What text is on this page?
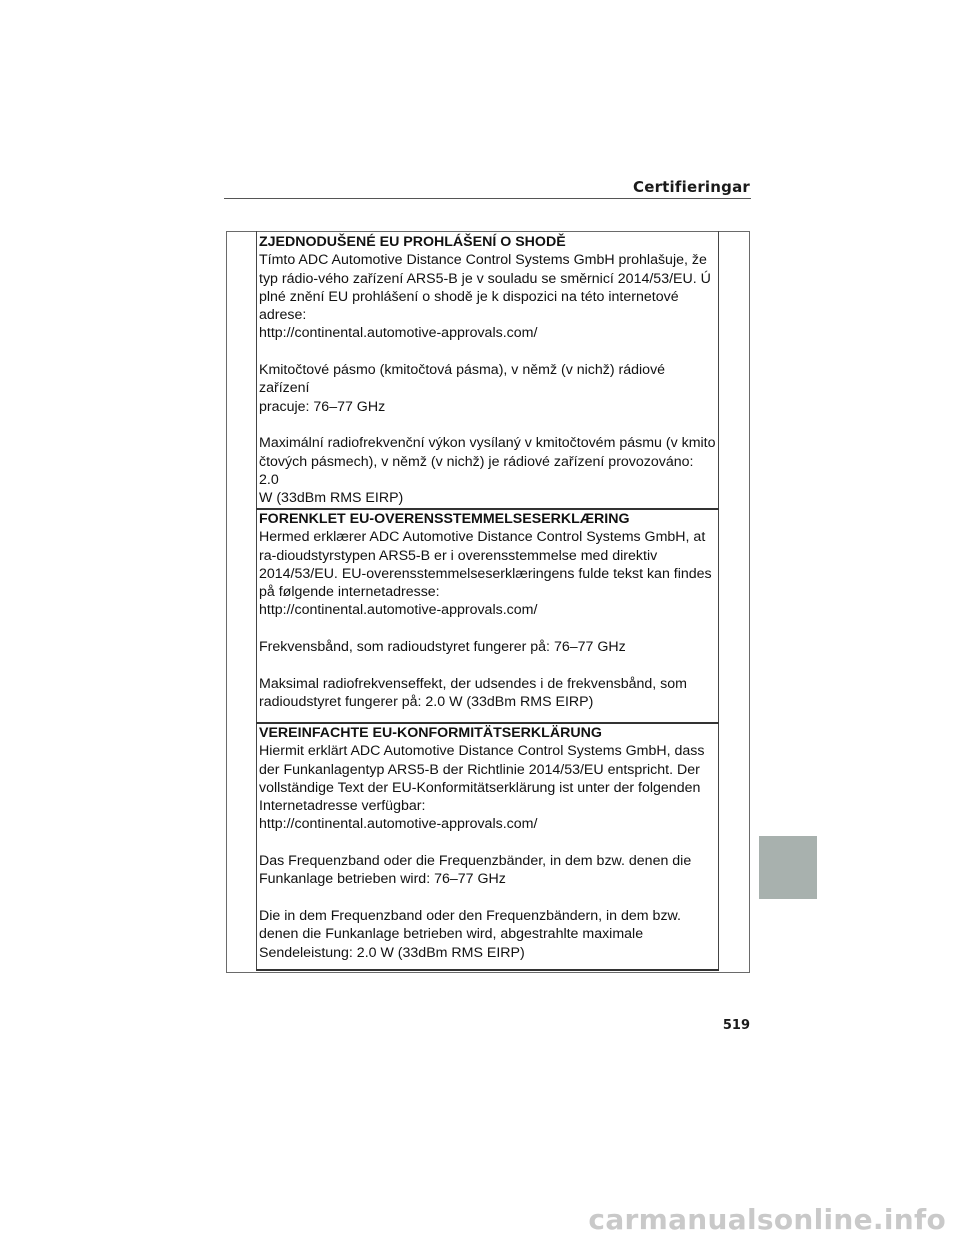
Certifieringar
ZJEDNODUŠENÉ EU PROHLÁŠENÍ O SHODĚ

Tímto ADC Automotive Distance Control Systems GmbH prohlašuje, že

typ rádio-vého zařízení ARS5-B je v souladu se směrnicí 2014/53/EU. Ú

plné znění EU prohlášení o shodě je k dispozici na této internetové

adrese:

http://continental.automotive-approvals.com/

Kmitočtové pásmo (kmitočtová pásma), v němž (v nichž) rádiové zařízení

pracuje: 76–77 GHz

Maximální radiofrekvenční výkon vysílaný v kmitočtovém pásmu (v kmito

čtových pásmech), v němž (v nichž) je rádiové zařízení provozováno: 2.0

W (33dBm RMS EIRP)

FORENKLET EU-OVERENSSTEMMELSESERKLÆRING

Hermed erklærer ADC Automotive Distance Control Systems GmbH, at

ra-dioudstyrstypen ARS5-B er i overensstemmelse med direktiv

2014/53/EU. EU-overensstemmelseserklæringens fulde tekst kan findes

på følgende internetadresse:

http://continental.automotive-approvals.com/

Frekvensbånd, som radioudstyret fungerer på: 76–77 GHz

Maksimal radiofrekvenseffekt, der udsendes i de frekvensbånd, som

radioudstyret fungerer på: 2.0 W (33dBm RMS EIRP)

VEREINFACHTE EU-KONFORMITÄTSERKLÄRUNG

Hiermit erklärt ADC Automotive Distance Control Systems GmbH, dass

der Funkanlagentyp ARS5-B der Richtlinie 2014/53/EU entspricht. Der

vollständige Text der EU-Konformitätserklärung ist unter der folgenden

Internetadresse verfügbar:

http://continental.automotive-approvals.com/

Das Frequenzband oder die Frequenzbänder, in dem bzw. denen die

Funkanlage betrieben wird: 76–77 GHz

Die in dem Frequenzband oder den Frequenzbändern, in dem bzw.

denen die Funkanlage betrieben wird, abgestrahlte maximale

Sendeleistung: 2.0 W (33dBm RMS EIRP)

519
carmanualsonline.info
